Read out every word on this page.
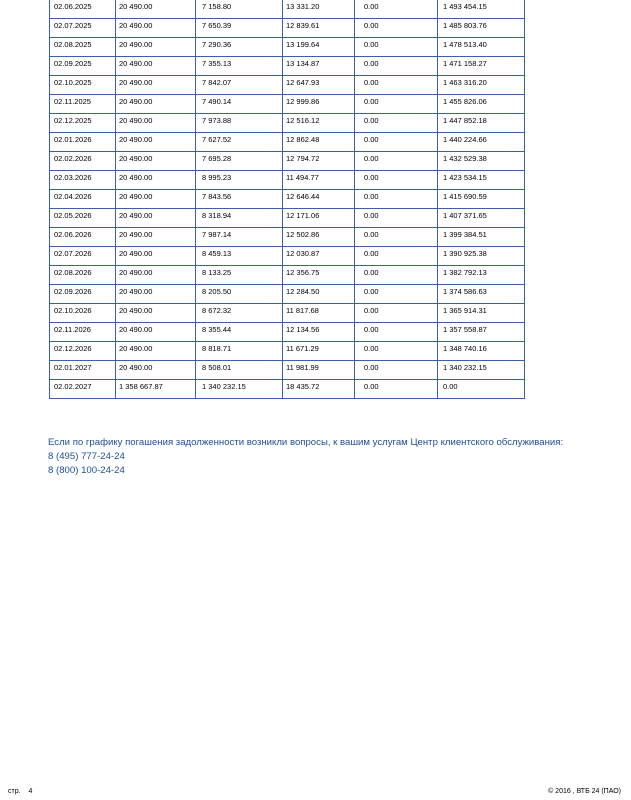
02.06.2025	20 490.00	7 158.80	13 331.20	0.00	1 493 454.15
02.07.2025	20 490.00	7 650.39	12 839.61	0.00	1 485 803.76
02.08.2025	20 490.00	7 290.36	13 199.64	0.00	1 478 513.40
02.09.2025	20 490.00	7 355.13	13 134.87	0.00	1 471 158.27
02.10.2025	20 490.00	7 842.07	12 647.93	0.00	1 463 316.20
02.11.2025	20 490.00	7 490.14	12 999.86	0.00	1 455 826.06
02.12.2025	20 490.00	7 973.88	12 516.12	0.00	1 447 852.18
02.01.2026	20 490.00	7 627.52	12 862.48	0.00	1 440 224.66
02.02.2026	20 490.00	7 695.28	12 794.72	0.00	1 432 529.38
02.03.2026	20 490.00	8 995.23	11 494.77	0.00	1 423 534.15
02.04.2026	20 490.00	7 843.56	12 646.44	0.00	1 415 690.59
02.05.2026	20 490.00	8 318.94	12 171.06	0.00	1 407 371.65
02.06.2026	20 490.00	7 987.14	12 502.86	0.00	1 399 384.51
02.07.2026	20 490.00	8 459.13	12 030.87	0.00	1 390 925.38
02.08.2026	20 490.00	8 133.25	12 356.75	0.00	1 382 792.13
02.09.2026	20 490.00	8 205.50	12 284.50	0.00	1 374 586.63
02.10.2026	20 490.00	8 672.32	11 817.68	0.00	1 365 914.31
02.11.2026	20 490.00	8 355.44	12 134.56	0.00	1 357 558.87
02.12.2026	20 490.00	8 818.71	11 671.29	0.00	1 348 740.16
02.01.2027	20 490.00	8 508.01	11 981.99	0.00	1 340 232.15
02.02.2027	1 358 667.87	1 340 232.15	18 435.72	0.00	0.00
Если по графику погашения задолженности возникли вопросы, к вашим услугам Центр клиентского обслуживания:
8 (495) 777-24-24
8 (800) 100-24-24
стр. 4	© 2016 , ВТБ 24 (ПАО)
